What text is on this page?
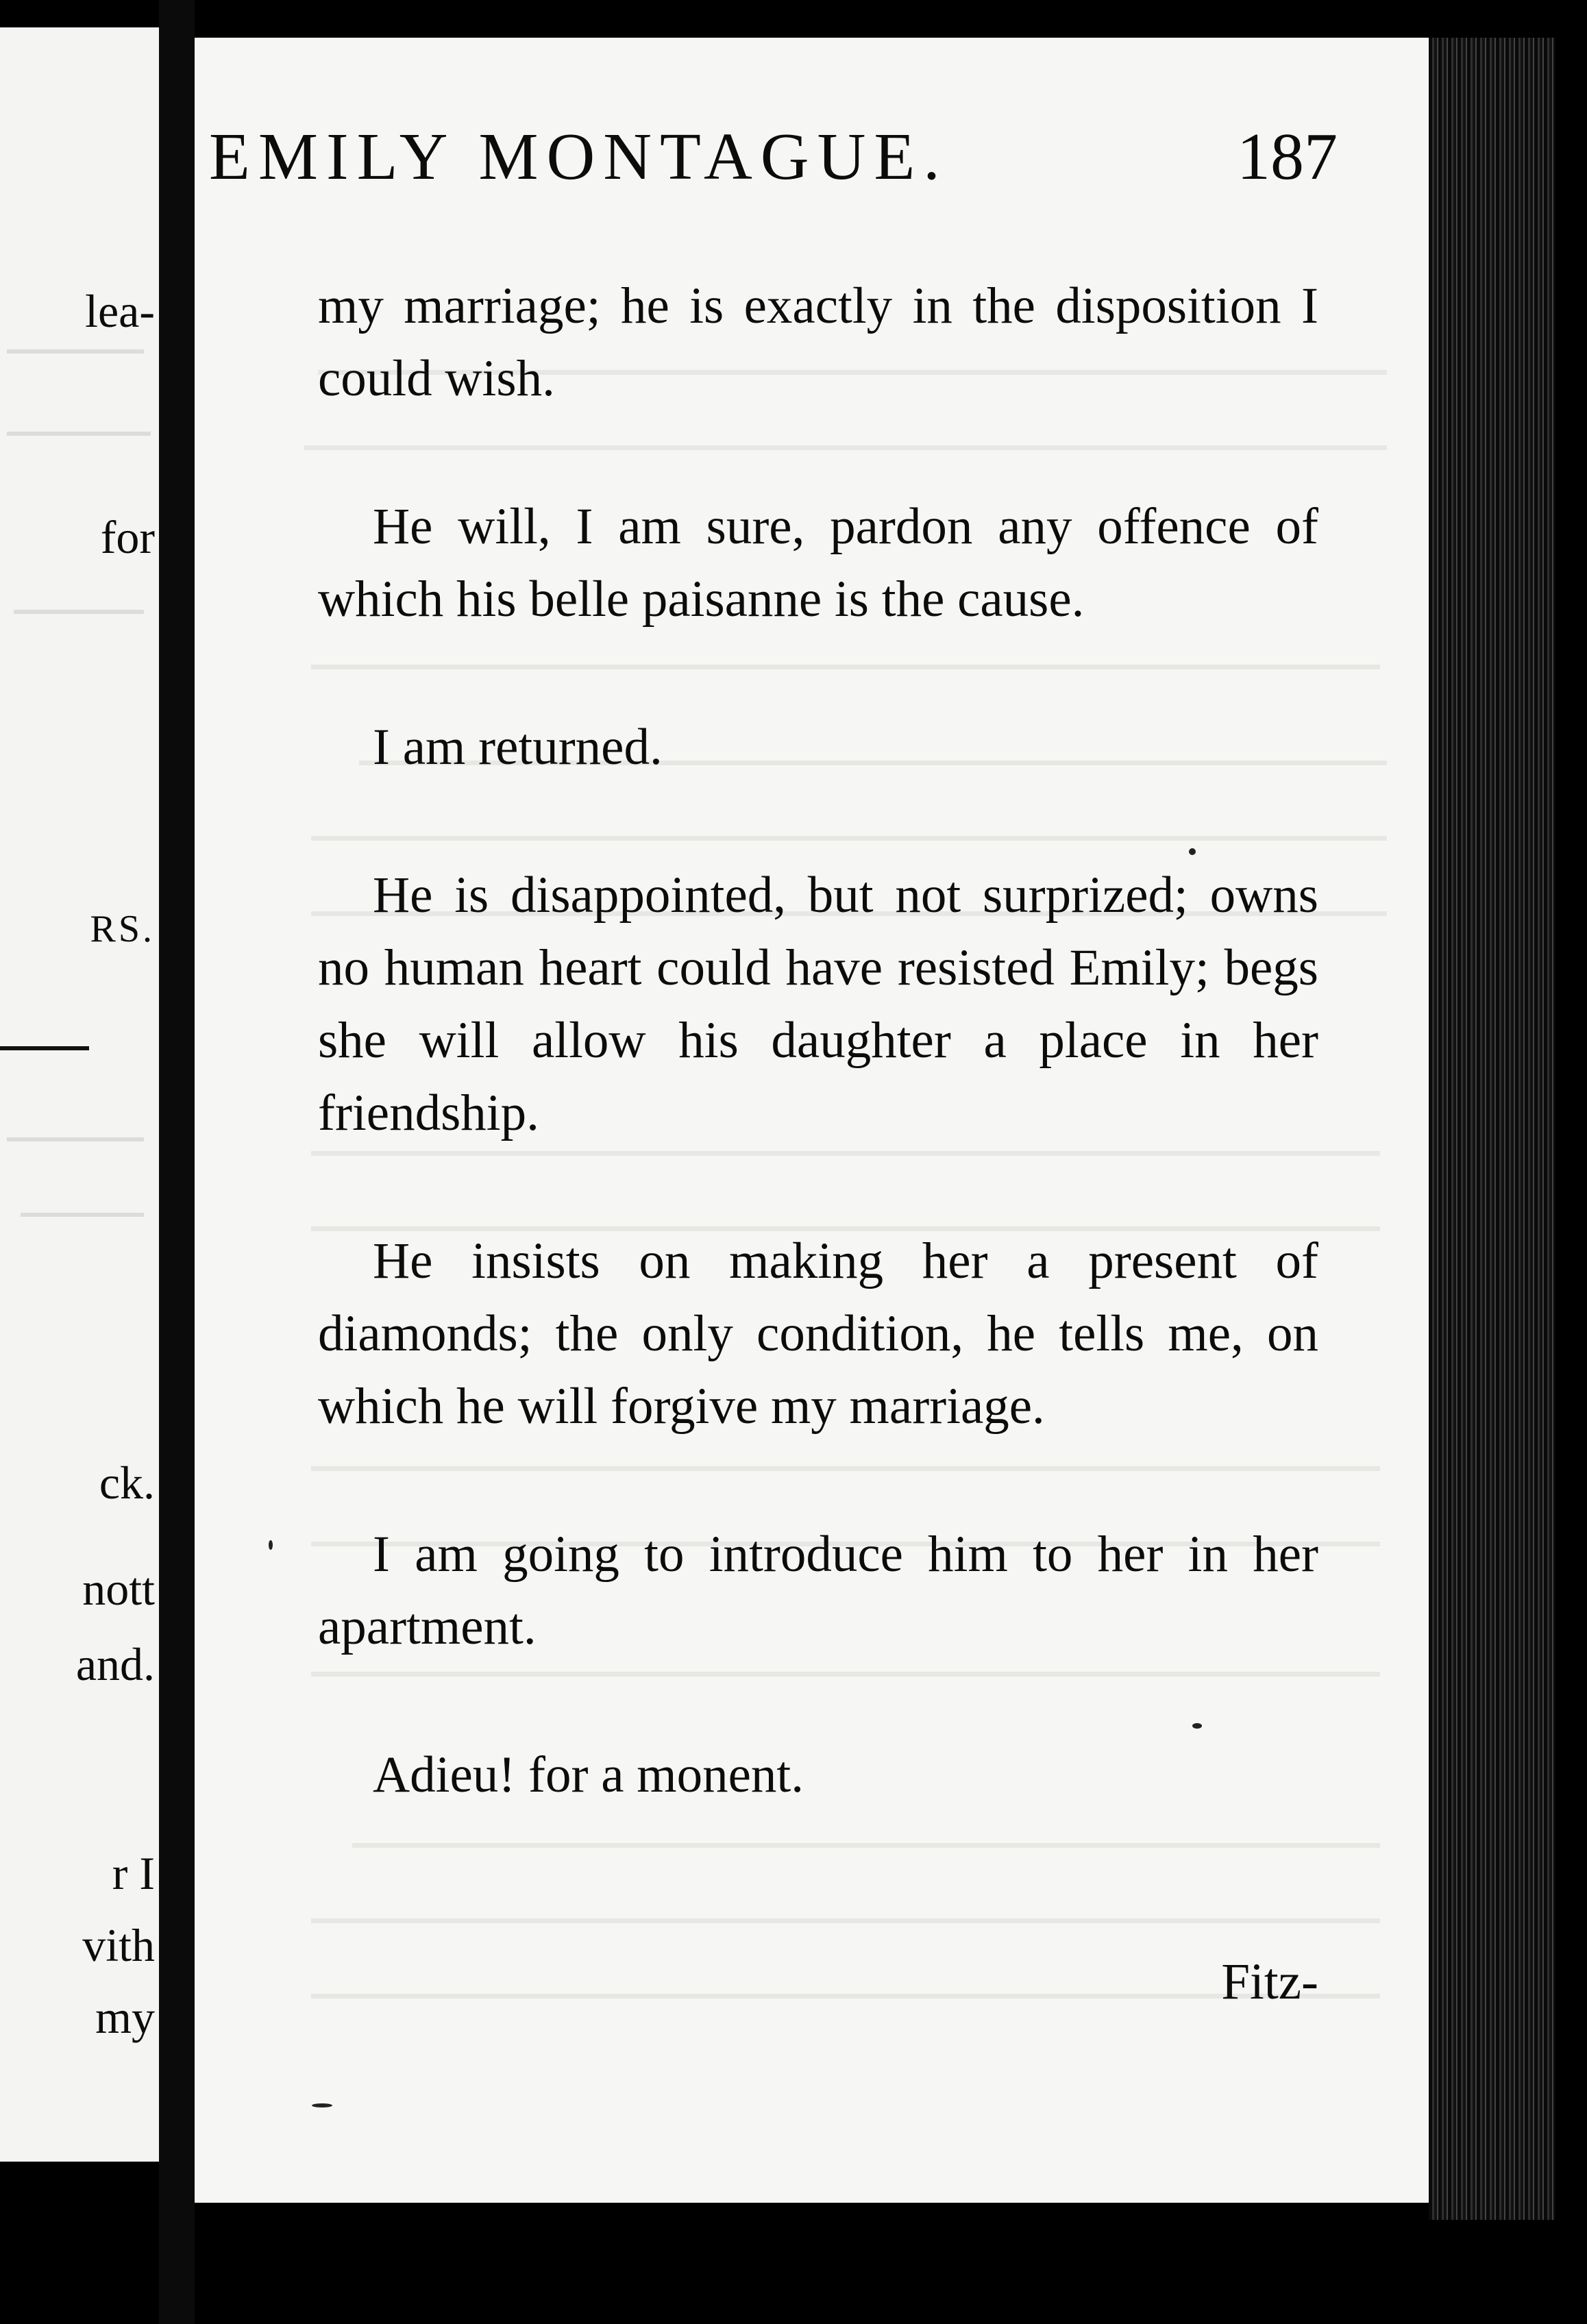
lea-
for
RS.
ck.
nott
and.
r I
vith
my
EMILY MONTAGUE.	187

my marriage; he is exactly in the disposition I could wish.

He will, I am sure, pardon any offence of which his belle paisanne is the cause.

I am returned.

He is disappointed, but not surprized; owns no human heart could have resisted Emily; begs she will allow his daughter a place in her friendship.

He insists on making her a present of diamonds; the only condition, he tells me, on which he will forgive my marriage.

I am going to introduce him to her in her apartment.

Adieu! for a monent.

Fitz-
